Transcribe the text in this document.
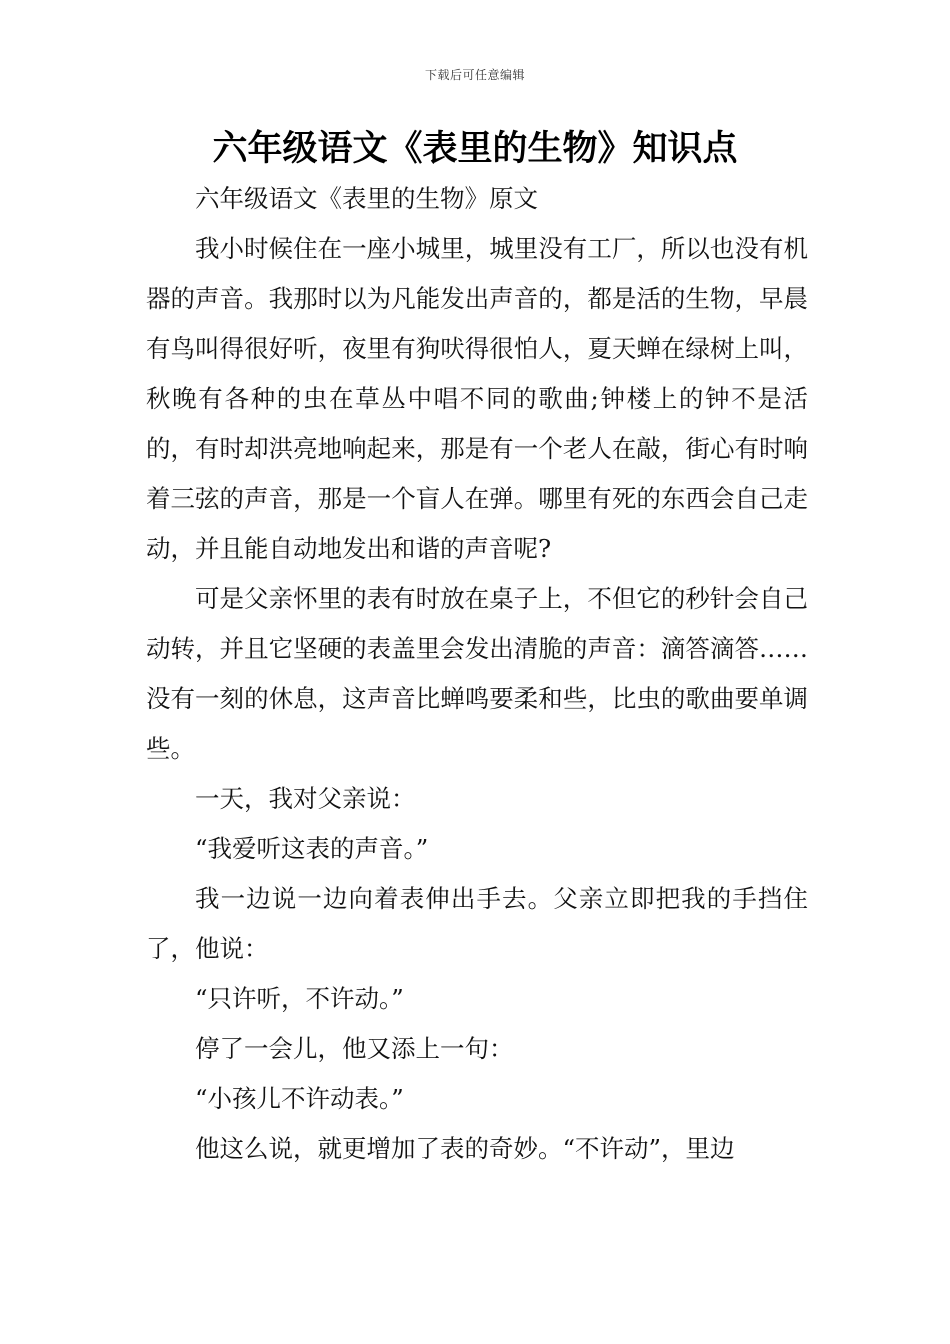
下载后可任意编辑
六年级语文《表里的生物》知识点

六年级语文《表里的生物》原文

我小时候住在一座小城里，城里没有工厂，所以也没有机器的声音。我那时以为凡能发出声音的，都是活的生物，早晨有鸟叫得很好听，夜里有狗吠得很怕人，夏天蝉在绿树上叫，秋晚有各种的虫在草丛中唱不同的歌曲;钟楼上的钟不是活的，有时却洪亮地响起来，那是有一个老人在敲，街心有时响着三弦的声音，那是一个盲人在弹。哪里有死的东西会自己走动，并且能自动地发出和谐的声音呢?

可是父亲怀里的表有时放在桌子上，不但它的秒针会自己动转，并且它坚硬的表盖里会发出清脆的声音：滴答滴答……没有一刻的休息，这声音比蝉鸣要柔和些，比虫的歌曲要单调些。

一天，我对父亲说：

“我爱听这表的声音。”

我一边说一边向着表伸出手去。父亲立即把我的手挡住了，他说：

“只许听，不许动。”

停了一会儿，他又添上一句：

“小孩儿不许动表。”

他这么说，就更增加了表的奇妙。“不许动”，里边
